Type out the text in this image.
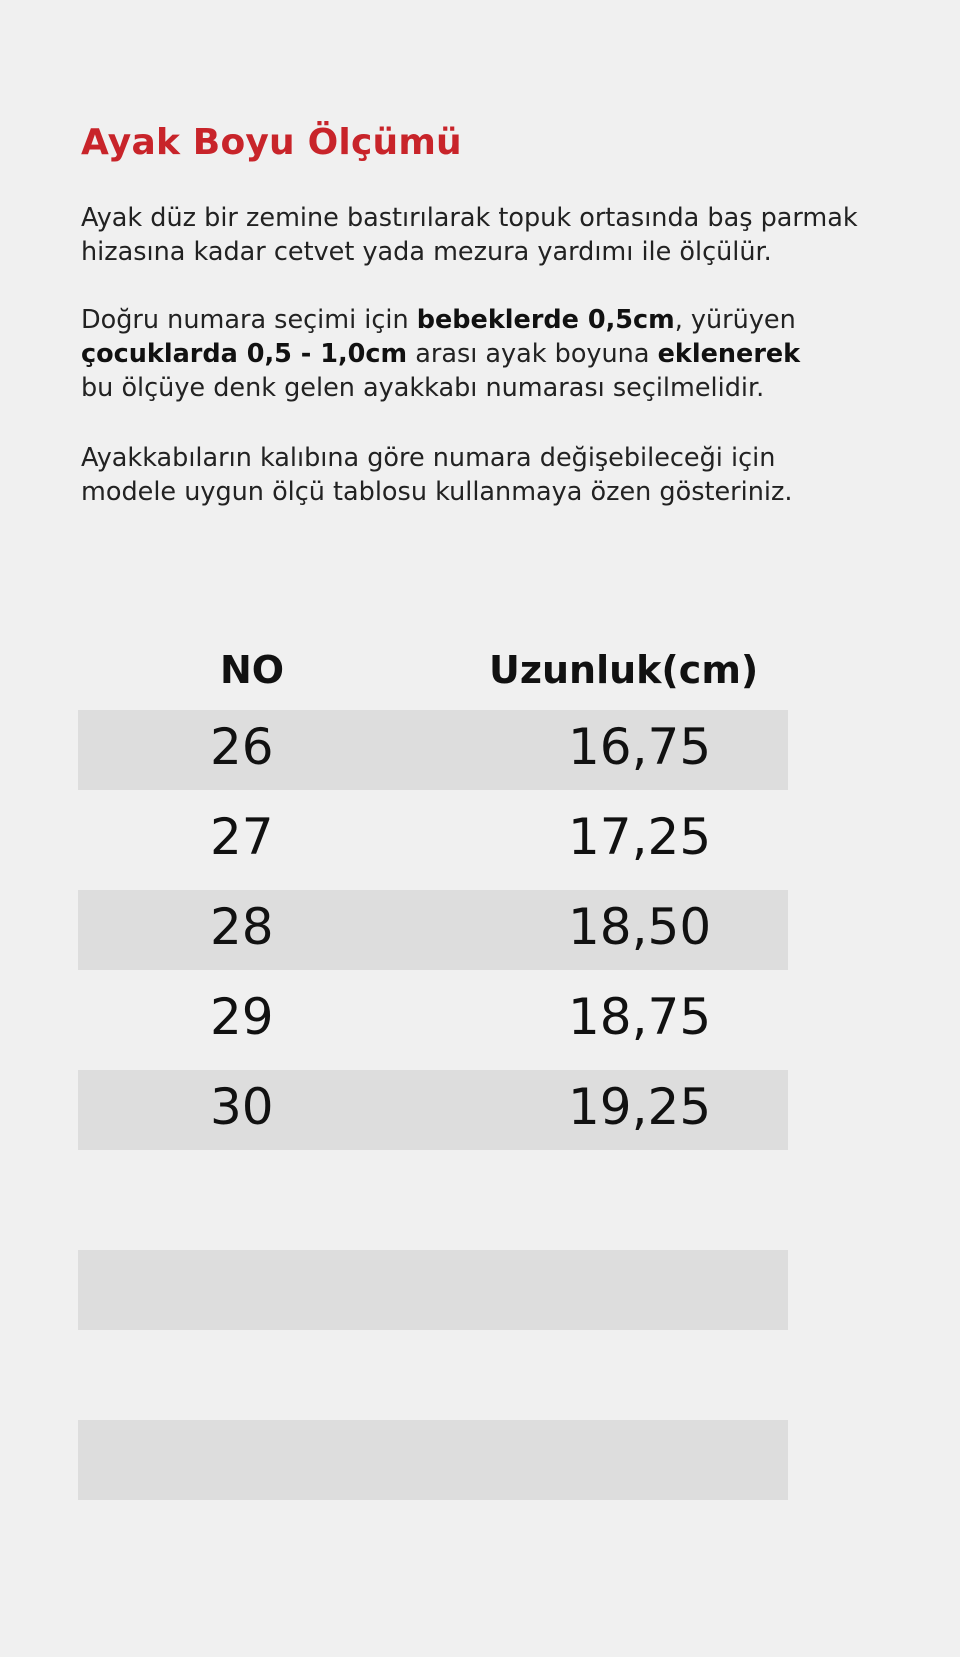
Ayak Boyu Ölçümü

Ayak düz bir zemine bastırılarak topuk ortasında baş parmak
hizasına kadar cetvet yada mezura yardımı ile ölçülür.

Doğru numara seçimi için bebeklerde 0,5cm, yürüyen
çocuklarda 0,5 - 1,0cm arası ayak boyuna eklenerek
bu ölçüye denk gelen ayakkabı numarası seçilmelidir.

Ayakkabıların kalıbına göre numara değişebileceği için
modele uygun ölçü tablosu kullanmaya özen gösteriniz.

NO	Uzunluk(cm)
26	16,75
27	17,25
28	18,50
29	18,75
30	19,25
